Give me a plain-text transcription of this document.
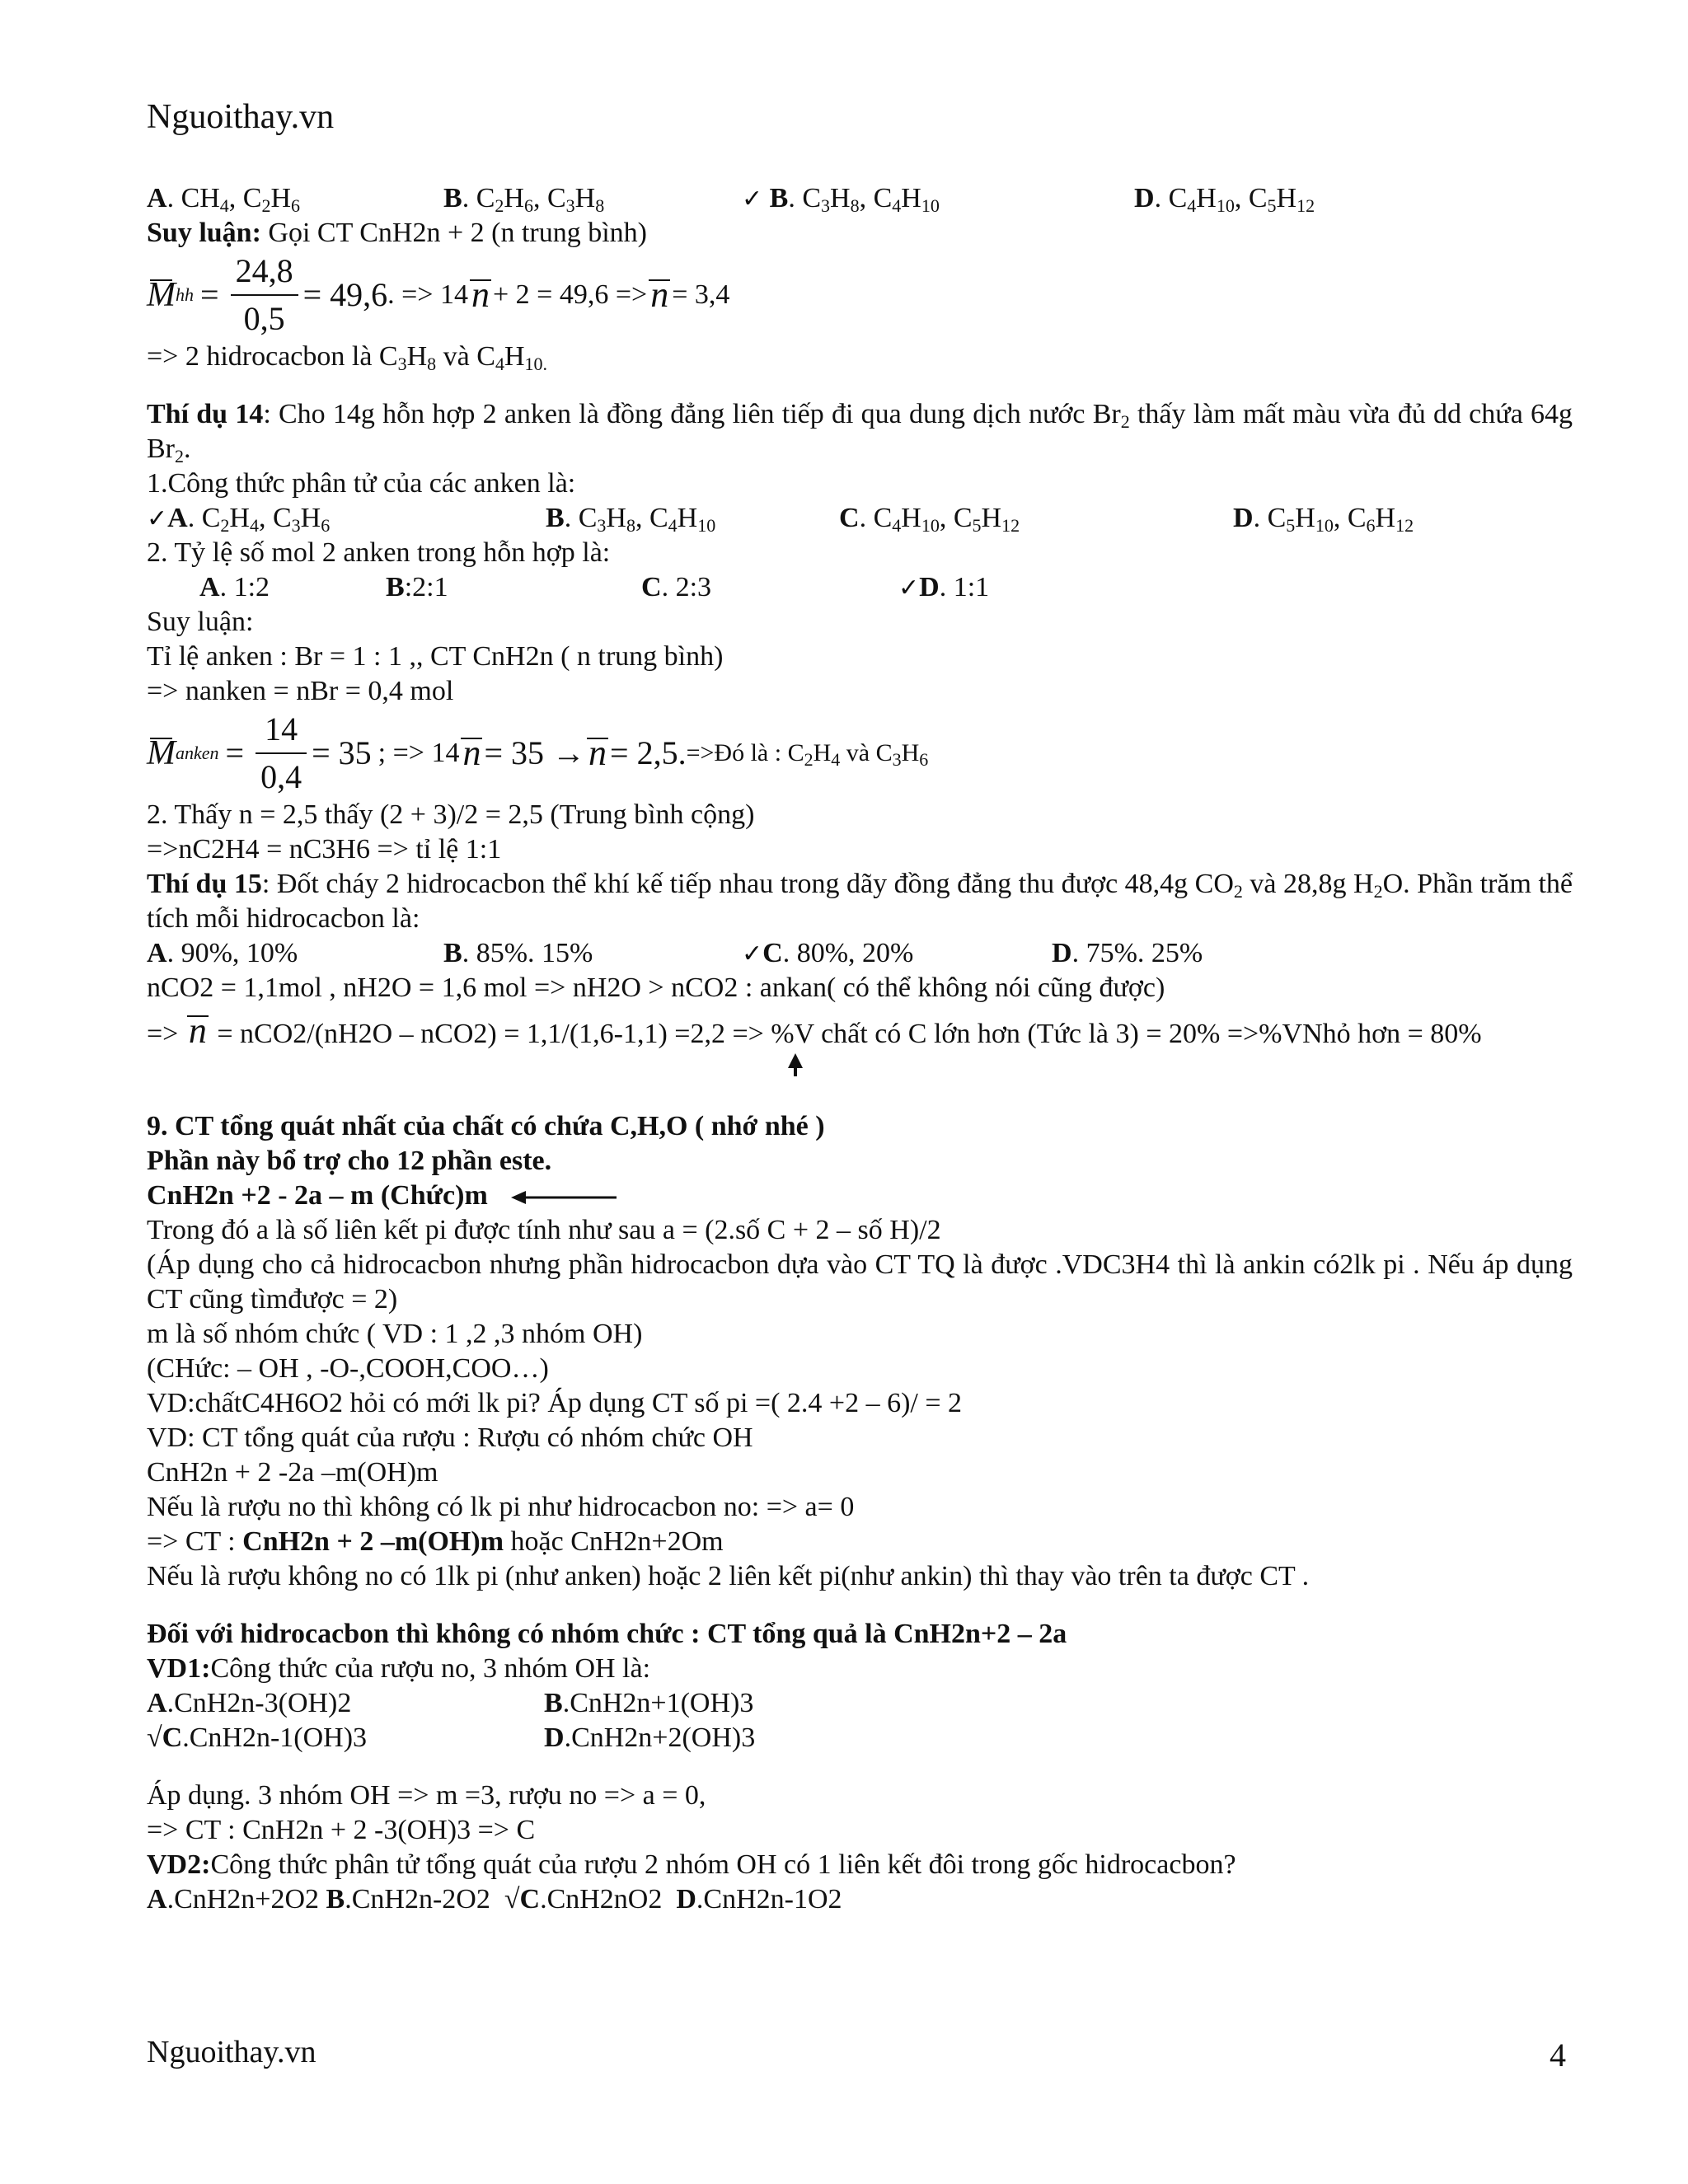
Nguoithay.vn
A. $CH_4$, $C_2H_6$	B. $C_2H_6$, $C_3H_8$	✓ B. $C_3H_8$, $C_4H_{10}$	D. $C_4H_{10}$, $C_5H_{12}$
Suy luận: Gọi CT CnH2n + 2 (n trung bình)
M hh = $\frac{24,8}{0,5} = 49,6$ . => 14 n + 2 = 49,6 => n = 3,4
=> 2 hidrocacbon là $C_3H_8$ và $C_4H_{10.}$
Thí dụ 14: Cho 14g hỗn hợp 2 anken là đồng đẳng liên tiếp đi qua dung dịch nước $Br_2$ thấy làm mất màu vừa đủ dd chứa 64g $Br_2$.
1.Công thức phân tử của các anken là:
✓A. $C_2H_4$, $C_3H_6$	B. $C_3H_8$, $C_4H_{10}$	C. $C_4H_{10}$, $C_5H_{12}$	D. $C_5H_{10}$, $C_6H_{12}$
2. Tỷ lệ số mol 2 anken trong hỗn hợp là:
A. 1:2	B:2:1	C. 2:3	✓D. 1:1
Suy luận:
Tỉ lệ anken : Br = 1 : 1 ,, CT CnH2n ( n trung bình)
=> nanken = nBr = 0,4 mol
M anken = $\frac{14}{0,4} = 35$ ; => 14 n = 35 → n = 2,5. =>Đó là : $C_2H_4$ và $C_3H_6$
2. Thấy n = 2,5 thấy (2 + 3)/2 = 2,5 (Trung bình cộng)
=>nC2H4 = nC3H6 => tỉ lệ 1:1
Thí dụ 15: Đốt cháy 2 hidrocacbon thể khí kế tiếp nhau trong dãy đồng đẳng thu được 48,4g $CO_2$ và 28,8g $H_2O$. Phần trăm thể tích mỗi hidrocacbon là:
A. 90%, 10%	B. 85%. 15%	✓C. 80%, 20%	D. 75%. 25%
nCO2 = 1,1mol , nH2O = 1,6 mol => nH2O > nCO2 : ankan( có thể không nói cũng được)
=> n = nCO2/(nH2O – nCO2) = 1,1/(1,6-1,1) =2,2 => %V chất có C lớn hơn (Tức là 3) = 20% =>%VNhỏ hơn = 80%
9. CT tổng quát nhất của chất có chứa C,H,O ( nhớ nhé )
Phần này bổ trợ cho 12 phần este.
CnH2n +2 - 2a – m (Chức)m
Trong đó a là số liên kết pi được tính như sau a = (2.số C + 2 – số H)/2
(Áp dụng cho cả hidrocacbon nhưng phần hidrocacbon dựa vào CT TQ là được .VDC3H4 thì là ankin có2lk pi . Nếu áp dụng CT cũng tìmđược = 2)
m là số nhóm chức ( VD : 1 ,2 ,3 nhóm OH)
(CHức: – OH , -O-,COOH,COO…)
VD:chấtC4H6O2 hỏi có mới lk pi? Áp dụng CT số pi =( 2.4 +2 – 6)/ = 2
VD: CT tổng quát của rượu : Rượu có nhóm chức OH
CnH2n + 2 -2a –m(OH)m
Nếu là rượu no thì không có lk pi như hidrocacbon no: => a= 0
=> CT : CnH2n + 2 –m(OH)m hoặc CnH2n+2Om
Nếu là rượu không no có 1lk pi (như anken) hoặc 2 liên kết pi(như ankin) thì thay vào trên ta được CT .
Đối với hidrocacbon thì không có nhóm chức : CT tổng quả là CnH2n+2 – 2a
VD1:Công thức của rượu no, 3 nhóm OH là:
A.CnH2n-3(OH)2	B.CnH2n+1(OH)3
√C.CnH2n-1(OH)3	D.CnH2n+2(OH)3
Áp dụng. 3 nhóm OH => m =3, rượu no => a = 0,
=> CT : CnH2n + 2 -3(OH)3 => C
VD2:Công thức phân tử tổng quát của rượu 2 nhóm OH có 1 liên kết đôi trong gốc hidrocacbon?
A.CnH2n+2O2 B.CnH2n-2O2 √C.CnH2nO2 D.CnH2n-1O2
Nguoithay.vn	4
